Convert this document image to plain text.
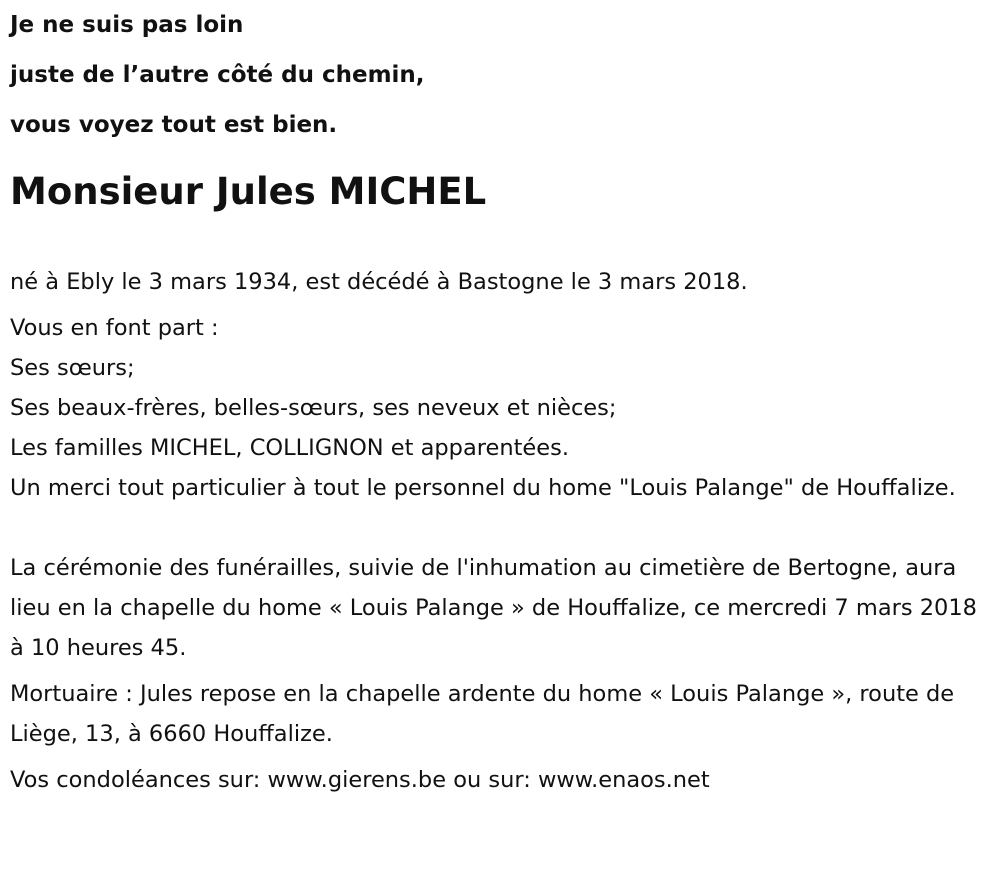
Je ne suis pas loin
juste de l’autre côté du chemin,
vous voyez tout est bien.
Monsieur Jules MICHEL
né à Ebly le 3 mars 1934, est décédé à Bastogne le 3 mars 2018.
Vous en font part :
Ses sœurs;
Ses beaux-frères, belles-sœurs, ses neveux et nièces;
Les familles MICHEL, COLLIGNON et apparentées.
Un merci tout particulier à tout le personnel du home "Louis Palange" de Houffalize.
La cérémonie des funérailles, suivie de l'inhumation au cimetière de Bertogne, aura lieu en la chapelle du home « Louis Palange » de Houffalize, ce mercredi 7 mars 2018 à 10 heures 45.
Mortuaire : Jules repose en la chapelle ardente du home « Louis Palange », route de Liège, 13, à 6660 Houffalize.
Vos condoléances sur: www.gierens.be ou sur: www.enaos.net
